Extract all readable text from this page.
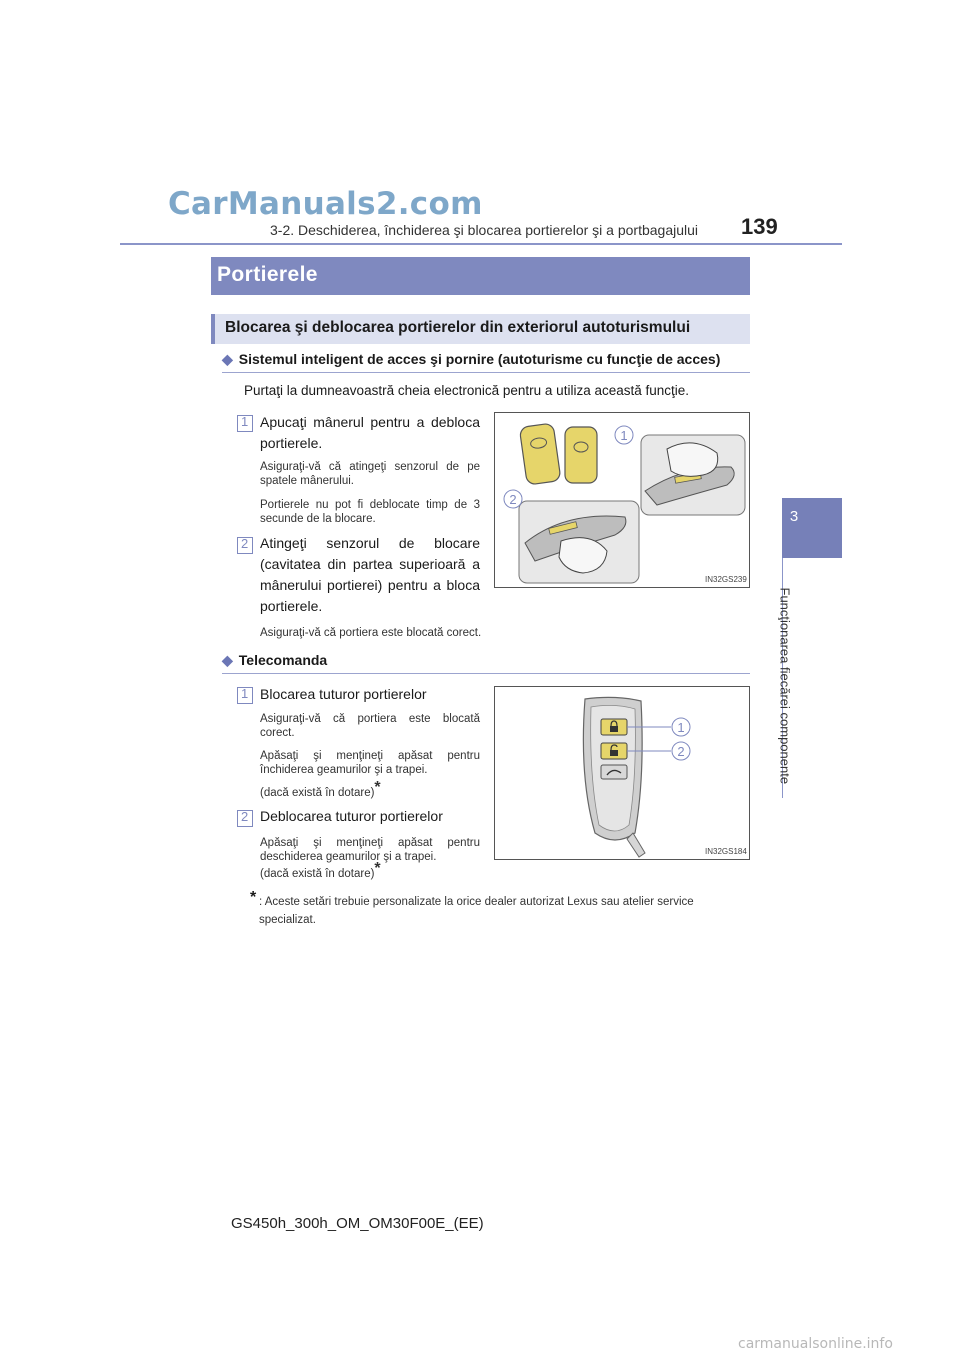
CarManuals2.com
carmanualsonline.info
3-2. Deschiderea, închiderea şi blocarea portierelor şi a portbagajului	139
3
Funcţionarea fiecărei componente
Portierele
Blocarea şi deblocarea portierelor din exteriorul autoturismului
◆ Sistemul inteligent de acces şi pornire (autoturisme cu funcţie de acces)
Purtaţi la dumneavoastră cheia electronică pentru a utiliza această funcţie.
1 Apucaţi mânerul pentru a debloca portierele.
Asiguraţi-vă că atingeţi senzorul de pe spatele mânerului.
Portierele nu pot fi deblocate timp de 3 secunde de la blocare.
2 Atingeţi senzorul de blocare (cavitatea din partea superioară a mânerului portierei) pentru a bloca portierele.
Asiguraţi-vă că portiera este blocată corect.
1
2
IN32GS239
◆ Telecomanda
1 Blocarea tuturor portierelor
Asiguraţi-vă că portiera este blocată corect.
Apăsaţi şi menţineţi apăsat pentru închiderea geamurilor şi a trapei.
(dacă există în dotare)*
2 Deblocarea tuturor portierelor
Apăsaţi şi menţineţi apăsat pentru deschiderea geamurilor şi a trapei.
(dacă există în dotare)*
1
2
IN32GS184
* : Aceste setări trebuie personalizate la orice dealer autorizat Lexus sau atelier service specializat.
GS450h_300h_OM_OM30F00E_(EE)
